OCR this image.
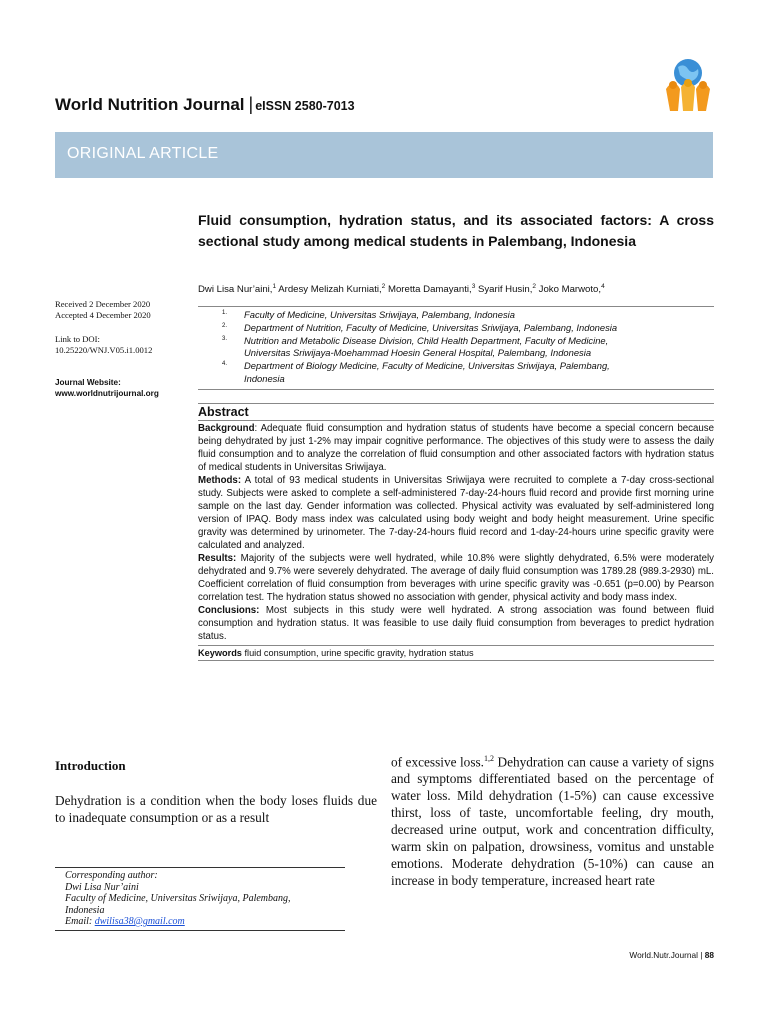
World Nutrition Journal | eISSN 2580-7013
ORIGINAL ARTICLE
Fluid consumption, hydration status, and its associated factors: A cross sectional study among medical students in Palembang, Indonesia
Dwi Lisa Nur’aini,$^1$ Ardesy Melizah Kurniati,$^2$ Moretta Damayanti,$^3$ Syarif Husin,$^2$ Joko Marwoto,$^4$
1. Faculty of Medicine, Universitas Sriwijaya, Palembang, Indonesia
2. Department of Nutrition, Faculty of Medicine, Universitas Sriwijaya, Palembang, Indonesia
3. Nutrition and Metabolic Disease Division, Child Health Department, Faculty of Medicine,
Universitas Sriwijaya-Moehammad Hoesin General Hospital, Palembang, Indonesia
4. Department of Biology Medicine, Faculty of Medicine, Universitas Sriwijaya, Palembang,
Indonesia
Received 2 December 2020
Accepted 4 December 2020
Link to DOI:
10.25220/WNJ.V05.i1.0012
Journal Website:
www.worldnutrijournal.org
Abstract

Background: Adequate fluid consumption and hydration status of students have become a special concern because being dehydrated by just 1-2% may impair cognitive performance. The objectives of this study were to assess the daily fluid consumption and to analyze the correlation of fluid consumption and other associated factors with hydration status of medical students in Universitas Sriwijaya.

Methods: A total of 93 medical students in Universitas Sriwijaya were recruited to complete a 7-day cross-sectional study. Subjects were asked to complete a self-administered 7-day-24-hours fluid record and provide first morning urine sample on the last day. Gender information was collected. Physical activity was evaluated by self-administered long version of IPAQ. Body mass index was calculated using body weight and body height measurement. Urine specific gravity was determined by urinometer. The 7-day-24-hours fluid record and 1-day-24-hours urine specific gravity were calculated and analyzed.

Results: Majority of the subjects were well hydrated, while 10.8% were slightly dehydrated, 6.5% were moderately dehydrated and 9.7% were severely dehydrated. The average of daily fluid consumption was 1789.28 (989.3-2930) mL. Coefficient correlation of fluid consumption from beverages with urine specific gravity was -0.651 (p=0.00) by Pearson correlation test. The hydration status showed no association with gender, physical activity and body mass index.

Conclusions: Most subjects in this study were well hydrated. A strong association was found between fluid consumption and hydration status. It was feasible to use daily fluid consumption from beverages to predict hydration status.

Keywords fluid consumption, urine specific gravity, hydration status
Introduction
Dehydration is a condition when the body loses fluids due to inadequate consumption or as a result
of excessive loss.$^{1,2}$ Dehydration can cause a variety of signs and symptoms differentiated based on the percentage of water loss. Mild dehydration (1-5%) can cause excessive thirst, loss of taste, uncomfortable feeling, dry mouth, decreased urine output, work and concentration difficulty, warm skin on palpation, drowsiness, vomitus and unstable emotions. Moderate dehydration (5-10%) can cause an increase in body temperature, increased heart rate
Corresponding author:
Dwi Lisa Nur’aini
Faculty of Medicine, Universitas Sriwijaya, Palembang,
Indonesia
Email: dwilisa38@gmail.com
World.Nutr.Journal | 88
